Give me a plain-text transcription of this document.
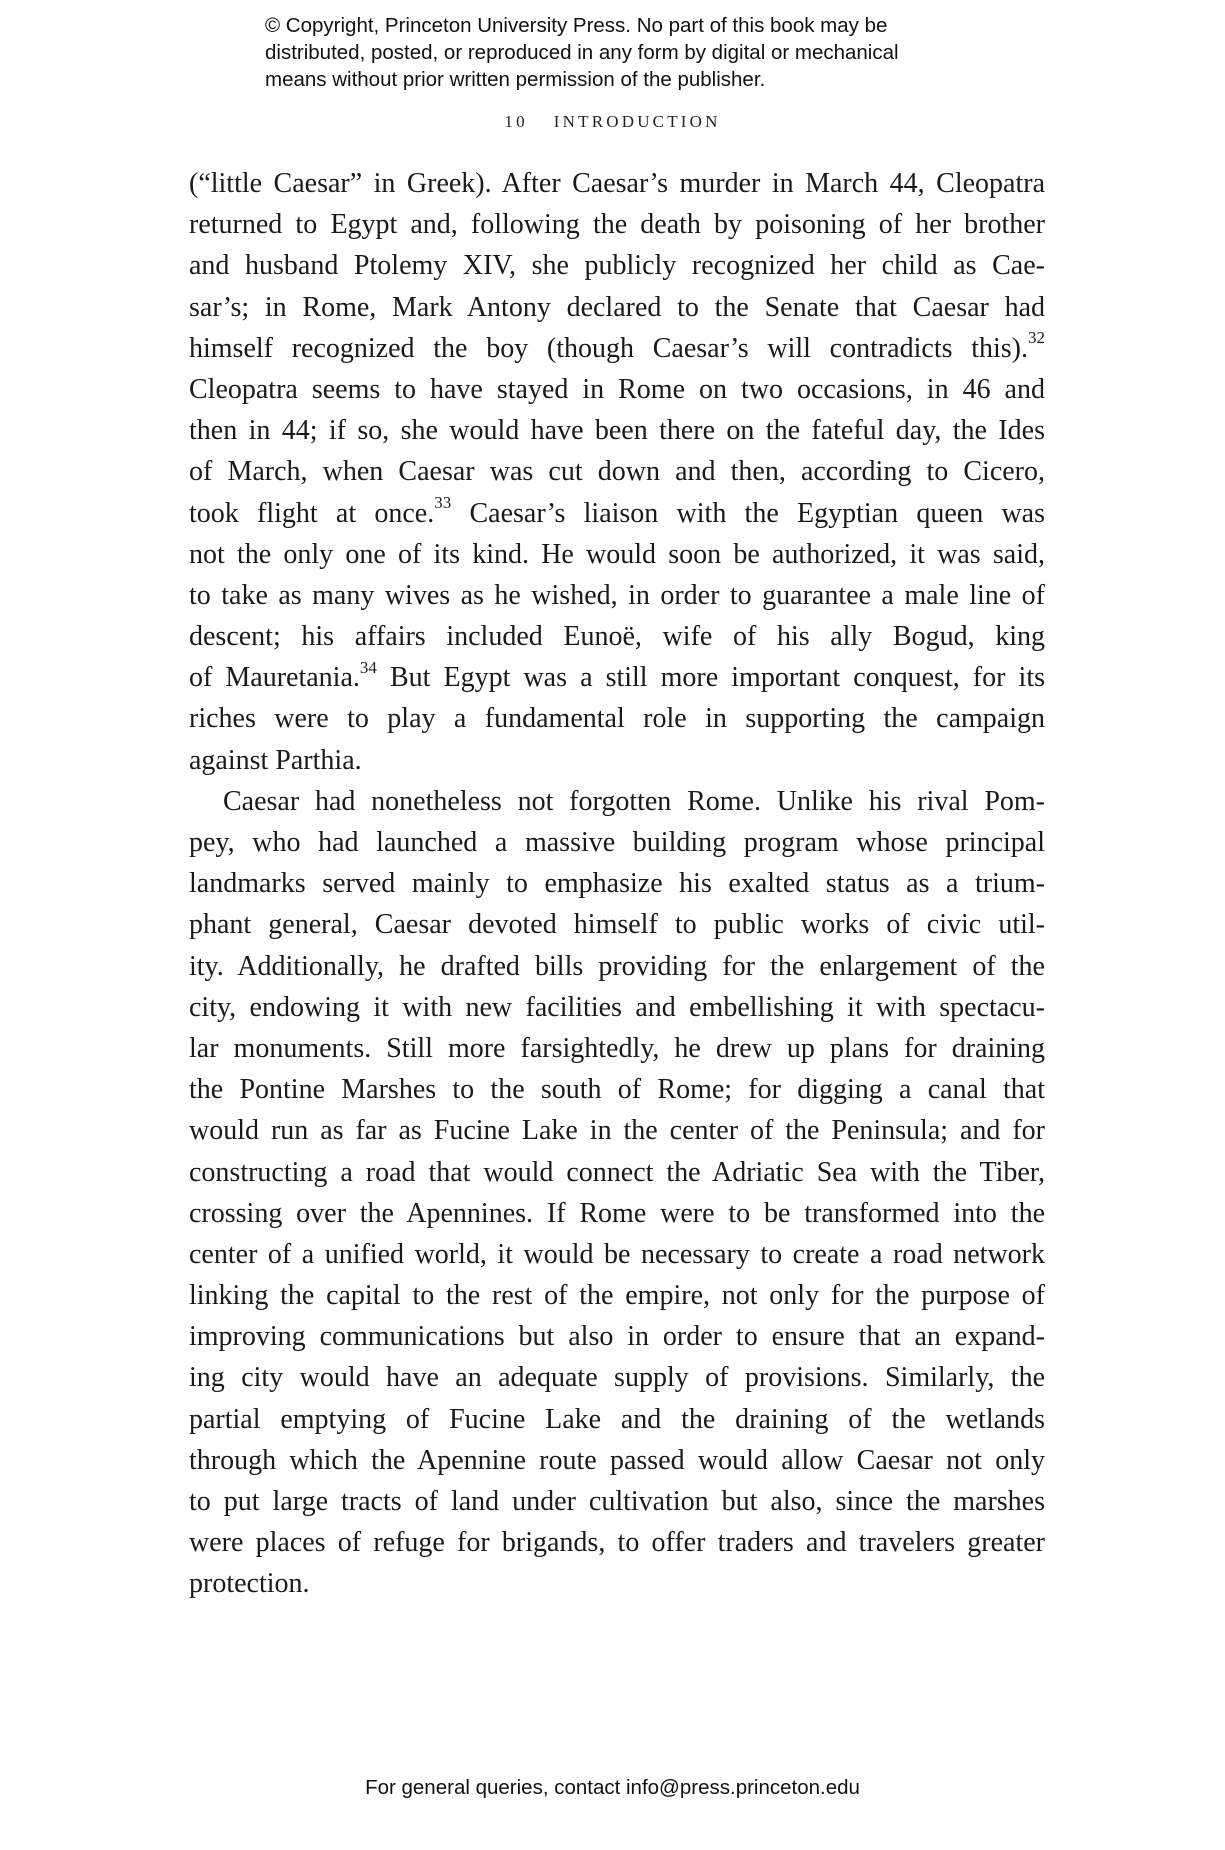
© Copyright, Princeton University Press. No part of this book may be
distributed, posted, or reproduced in any form by digital or mechanical
means without prior written permission of the publisher.
10 INTRODUCTION
(“little Caesar” in Greek). After Caesar’s murder in March 44, Cleopatra
returned to Egypt and, following the death by poisoning of her brother
and husband Ptolemy XIV, she publicly recognized her child as Cae-
sar’s; in Rome, Mark Antony declared to the Senate that Caesar had
himself recognized the boy (though Caesar’s will contradicts this).$^{32}$
Cleopatra seems to have stayed in Rome on two occasions, in 46 and
then in 44; if so, she would have been there on the fateful day, the Ides
of March, when Caesar was cut down and then, according to Cicero,
took flight at once.$^{33}$ Caesar’s liaison with the Egyptian queen was
not the only one of its kind. He would soon be authorized, it was said,
to take as many wives as he wished, in order to guarantee a male line of
descent; his affairs included Eunoë, wife of his ally Bogud, king
of Mauretania.$^{34}$ But Egypt was a still more important conquest, for its
riches were to play a fundamental role in supporting the campaign
against Parthia.
Caesar had nonetheless not forgotten Rome. Unlike his rival Pom-
pey, who had launched a massive building program whose principal
landmarks served mainly to emphasize his exalted status as a trium-
phant general, Caesar devoted himself to public works of civic util-
ity. Additionally, he drafted bills providing for the enlargement of the
city, endowing it with new facilities and embellishing it with spectacu-
lar monuments. Still more farsightedly, he drew up plans for draining
the Pontine Marshes to the south of Rome; for digging a canal that
would run as far as Fucine Lake in the center of the Peninsula; and for
constructing a road that would connect the Adriatic Sea with the Tiber,
crossing over the Apennines. If Rome were to be transformed into the
center of a unified world, it would be necessary to create a road network
linking the capital to the rest of the empire, not only for the purpose of
improving communications but also in order to ensure that an expand-
ing city would have an adequate supply of provisions. Similarly, the
partial emptying of Fucine Lake and the draining of the wetlands
through which the Apennine route passed would allow Caesar not only
to put large tracts of land under cultivation but also, since the marshes
were places of refuge for brigands, to offer traders and travelers greater
protection.
For general queries, contact info@press.princeton.edu
